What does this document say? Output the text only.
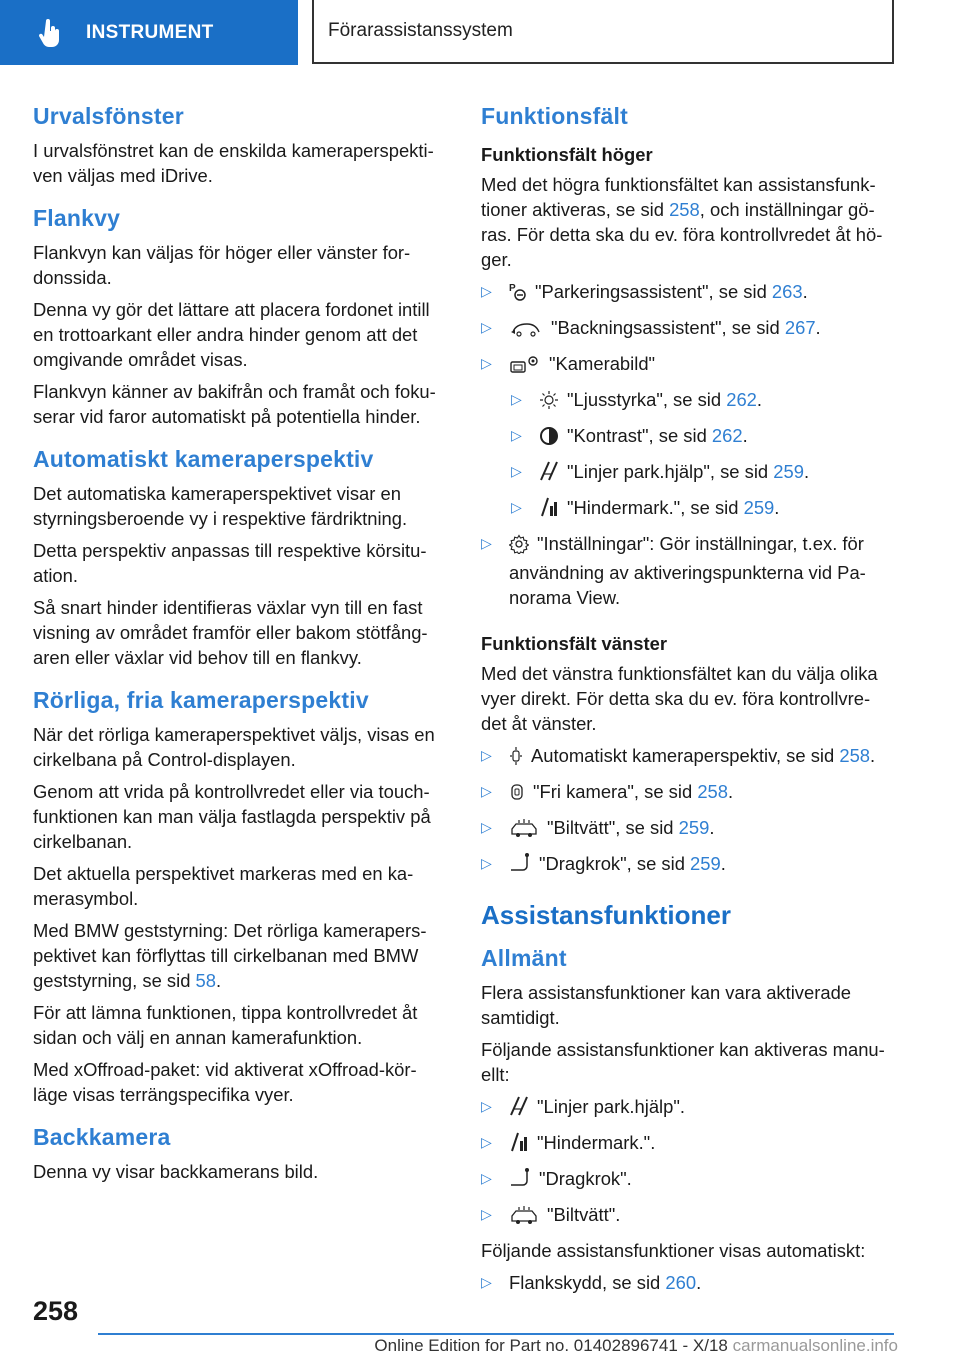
INSTRUMENT	Förarassistanssystem
Urvalsfönster

I urvalsfönstret kan de enskilda kameraperspekti-ven väljas med iDrive.

Flankvy

Flankvyn kan väljas för höger eller vänster for-donssida.

Denna vy gör det lättare att placera fordonet intill en trottoarkant eller andra hinder genom att det omgivande området visas.

Flankvyn känner av bakifrån och framåt och foku-serar vid faror automatiskt på potentiella hinder.

Automatiskt kameraperspektiv

Det automatiska kameraperspektivet visar en styrningsberoende vy i respektive färdriktning.

Detta perspektiv anpassas till respektive körsitu-ation.

Så snart hinder identifieras växlar vyn till en fast visning av området framför eller bakom stötfång-aren eller växlar vid behov till en flankvy.

Rörliga, fria kameraperspektiv

När det rörliga kameraperspektivet väljs, visas en cirkelbana på Control-displayen.

Genom att vrida på kontrollvredet eller via touch-funktionen kan man välja fastlagda perspektiv på cirkelbanan.

Det aktuella perspektivet markeras med en ka-merasymbol.

Med BMW geststyrning: Det rörliga kamerapers-pektivet kan förflyttas till cirkelbanan med BMW geststyrning, se sid 58.

För att lämna funktionen, tippa kontrollvredet åt sidan och välj en annan kamerafunktion.

Med xOffroad-paket: vid aktiverat xOffroad-kör-läge visas terrängspecifika vyer.

Backkamera

Denna vy visar backkamerans bild.

Funktionsfält
Funktionsfält höger

Med det högra funktionsfältet kan assistansfunk-tioner aktiveras, se sid 258, och inställningar gö-ras. För detta ska du ev. föra kontrollvredet åt hö-ger.

▷	P "Parkeringsassistent", se sid 263.
▷	"Backningsassistent", se sid 267.
▷	"Kamerabild"
▷	"Ljusstyrka", se sid 262.
▷	"Kontrast", se sid 262.
▷	"Linjer park.hjälp", se sid 259.
▷	"Hindermark.", se sid 259.
▷	"Inställningar": Gör inställningar, t.ex. för användning av aktiveringspunkterna vid Pa-norama View.
Funktionsfält vänster

Med det vänstra funktionsfältet kan du välja olika vyer direkt. För detta ska du ev. föra kontrollvre-det åt vänster.

▷	Automatiskt kameraperspektiv, se sid 258.
▷	"Fri kamera", se sid 258.
▷	"Biltvätt", se sid 259.
▷	"Dragkrok", se sid 259.
Assistansfunktioner
Allmänt

Flera assistansfunktioner kan vara aktiverade samtidigt.

Följande assistansfunktioner kan aktiveras manu-ellt:

▷	"Linjer park.hjälp".
▷	"Hindermark.".
▷	"Dragkrok".
▷	"Biltvätt".

Följande assistansfunktioner visas automatiskt:

▷ Flankskydd, se sid 260.
258
Online Edition for Part no. 01402896741 - X/18 carmanualsonline.info
